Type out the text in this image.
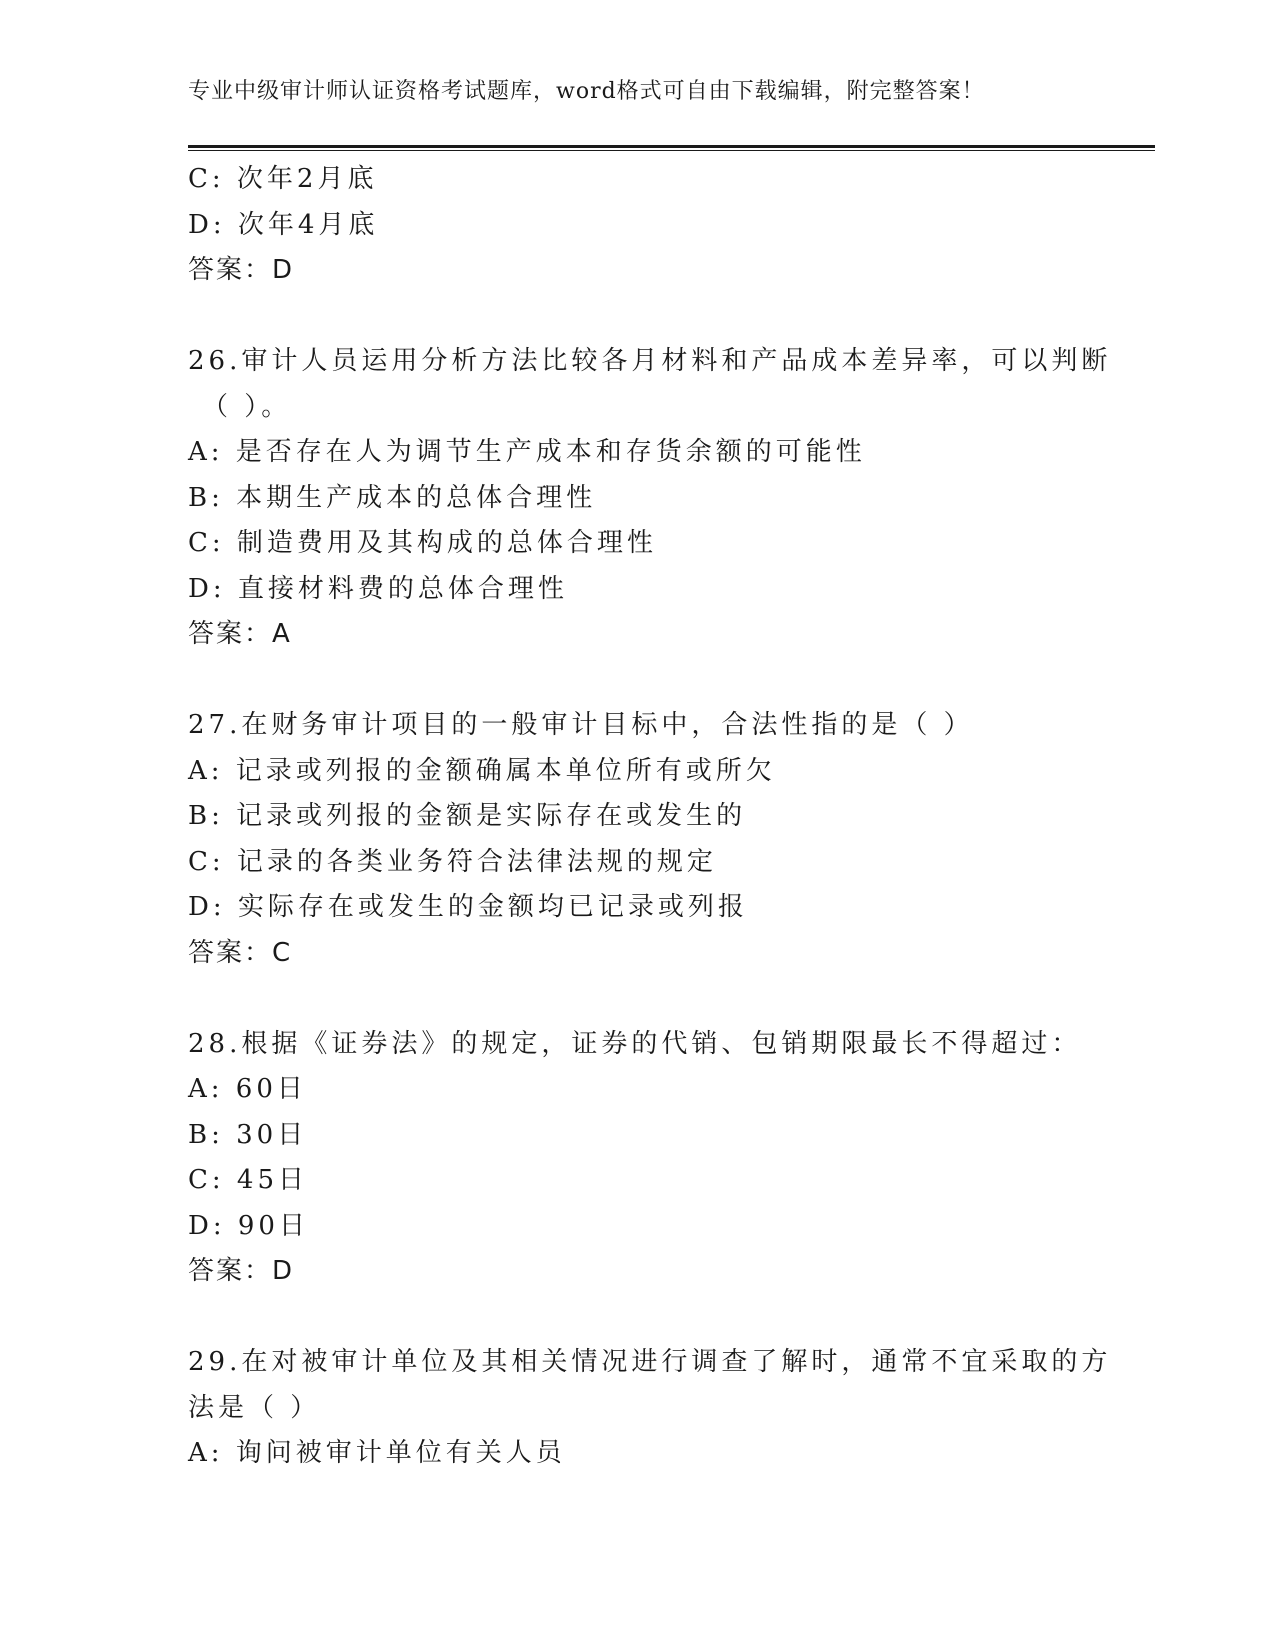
专业中级审计师认证资格考试题库，word格式可自由下载编辑，附完整答案！
C: 次年2月底
D: 次年4月底
答案：D
26.审计人员运用分析方法比较各月材料和产品成本差异率，可以判断
（ ）。
A: 是否存在人为调节生产成本和存货余额的可能性
B: 本期生产成本的总体合理性
C: 制造费用及其构成的总体合理性
D: 直接材料费的总体合理性
答案：A
27.在财务审计项目的一般审计目标中，合法性指的是（ ）
A: 记录或列报的金额确属本单位所有或所欠
B: 记录或列报的金额是实际存在或发生的
C: 记录的各类业务符合法律法规的规定
D: 实际存在或发生的金额均已记录或列报
答案：C
28.根据《证券法》的规定，证券的代销、包销期限最长不得超过：
A: 60日
B: 30日
C: 45日
D: 90日
答案：D
29.在对被审计单位及其相关情况进行调查了解时，通常不宜采取的方
法是（ ）
A: 询问被审计单位有关人员
